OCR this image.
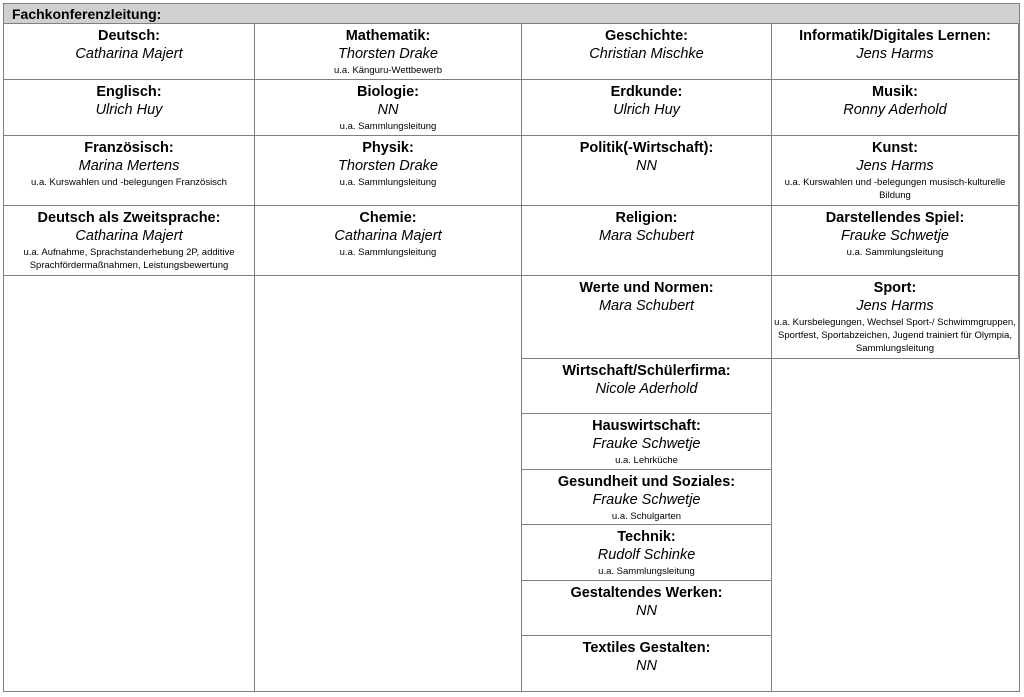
Fachkonferenzleitung:
Deutsch:
Catharina Majert
Englisch:
Ulrich Huy
Französisch:
Marina Mertens
u.a. Kurswahlen und -belegungen Französisch
Deutsch als Zweitsprache:
Catharina Majert
u.a. Aufnahme, Sprachstanderhebung 2P, additive Sprachfördermaßnahmen, Leistungsbewertung
Mathematik:
Thorsten Drake
u.a. Känguru-Wettbewerb
Biologie:
NN
u.a. Sammlungsleitung
Physik:
Thorsten Drake
u.a. Sammlungsleitung
Chemie:
Catharina Majert
u.a. Sammlungsleitung
Geschichte:
Christian Mischke
Erdkunde:
Ulrich Huy
Politik(-Wirtschaft):
NN
Religion:
Mara Schubert
Werte und Normen:
Mara Schubert
Wirtschaft/Schülerfirma:
Nicole Aderhold
Hauswirtschaft:
Frauke Schwetje
u.a. Lehrküche
Gesundheit und Soziales:
Frauke Schwetje
u.a. Schulgarten
Technik:
Rudolf Schinke
u.a. Sammlungsleitung
Gestaltendes Werken:
NN
Textiles Gestalten:
NN
Informatik/Digitales Lernen:
Jens Harms
Musik:
Ronny Aderhold
Kunst:
Jens Harms
u.a. Kurswahlen und -belegungen musisch-kulturelle Bildung
Darstellendes Spiel:
Frauke Schwetje
u.a. Sammlungsleitung
Sport:
Jens Harms
u.a. Kursbelegungen, Wechsel Sport-/ Schwimmgruppen, Sportfest, Sportabzeichen, Jugend trainiert für Olympia, Sammlungsleitung
